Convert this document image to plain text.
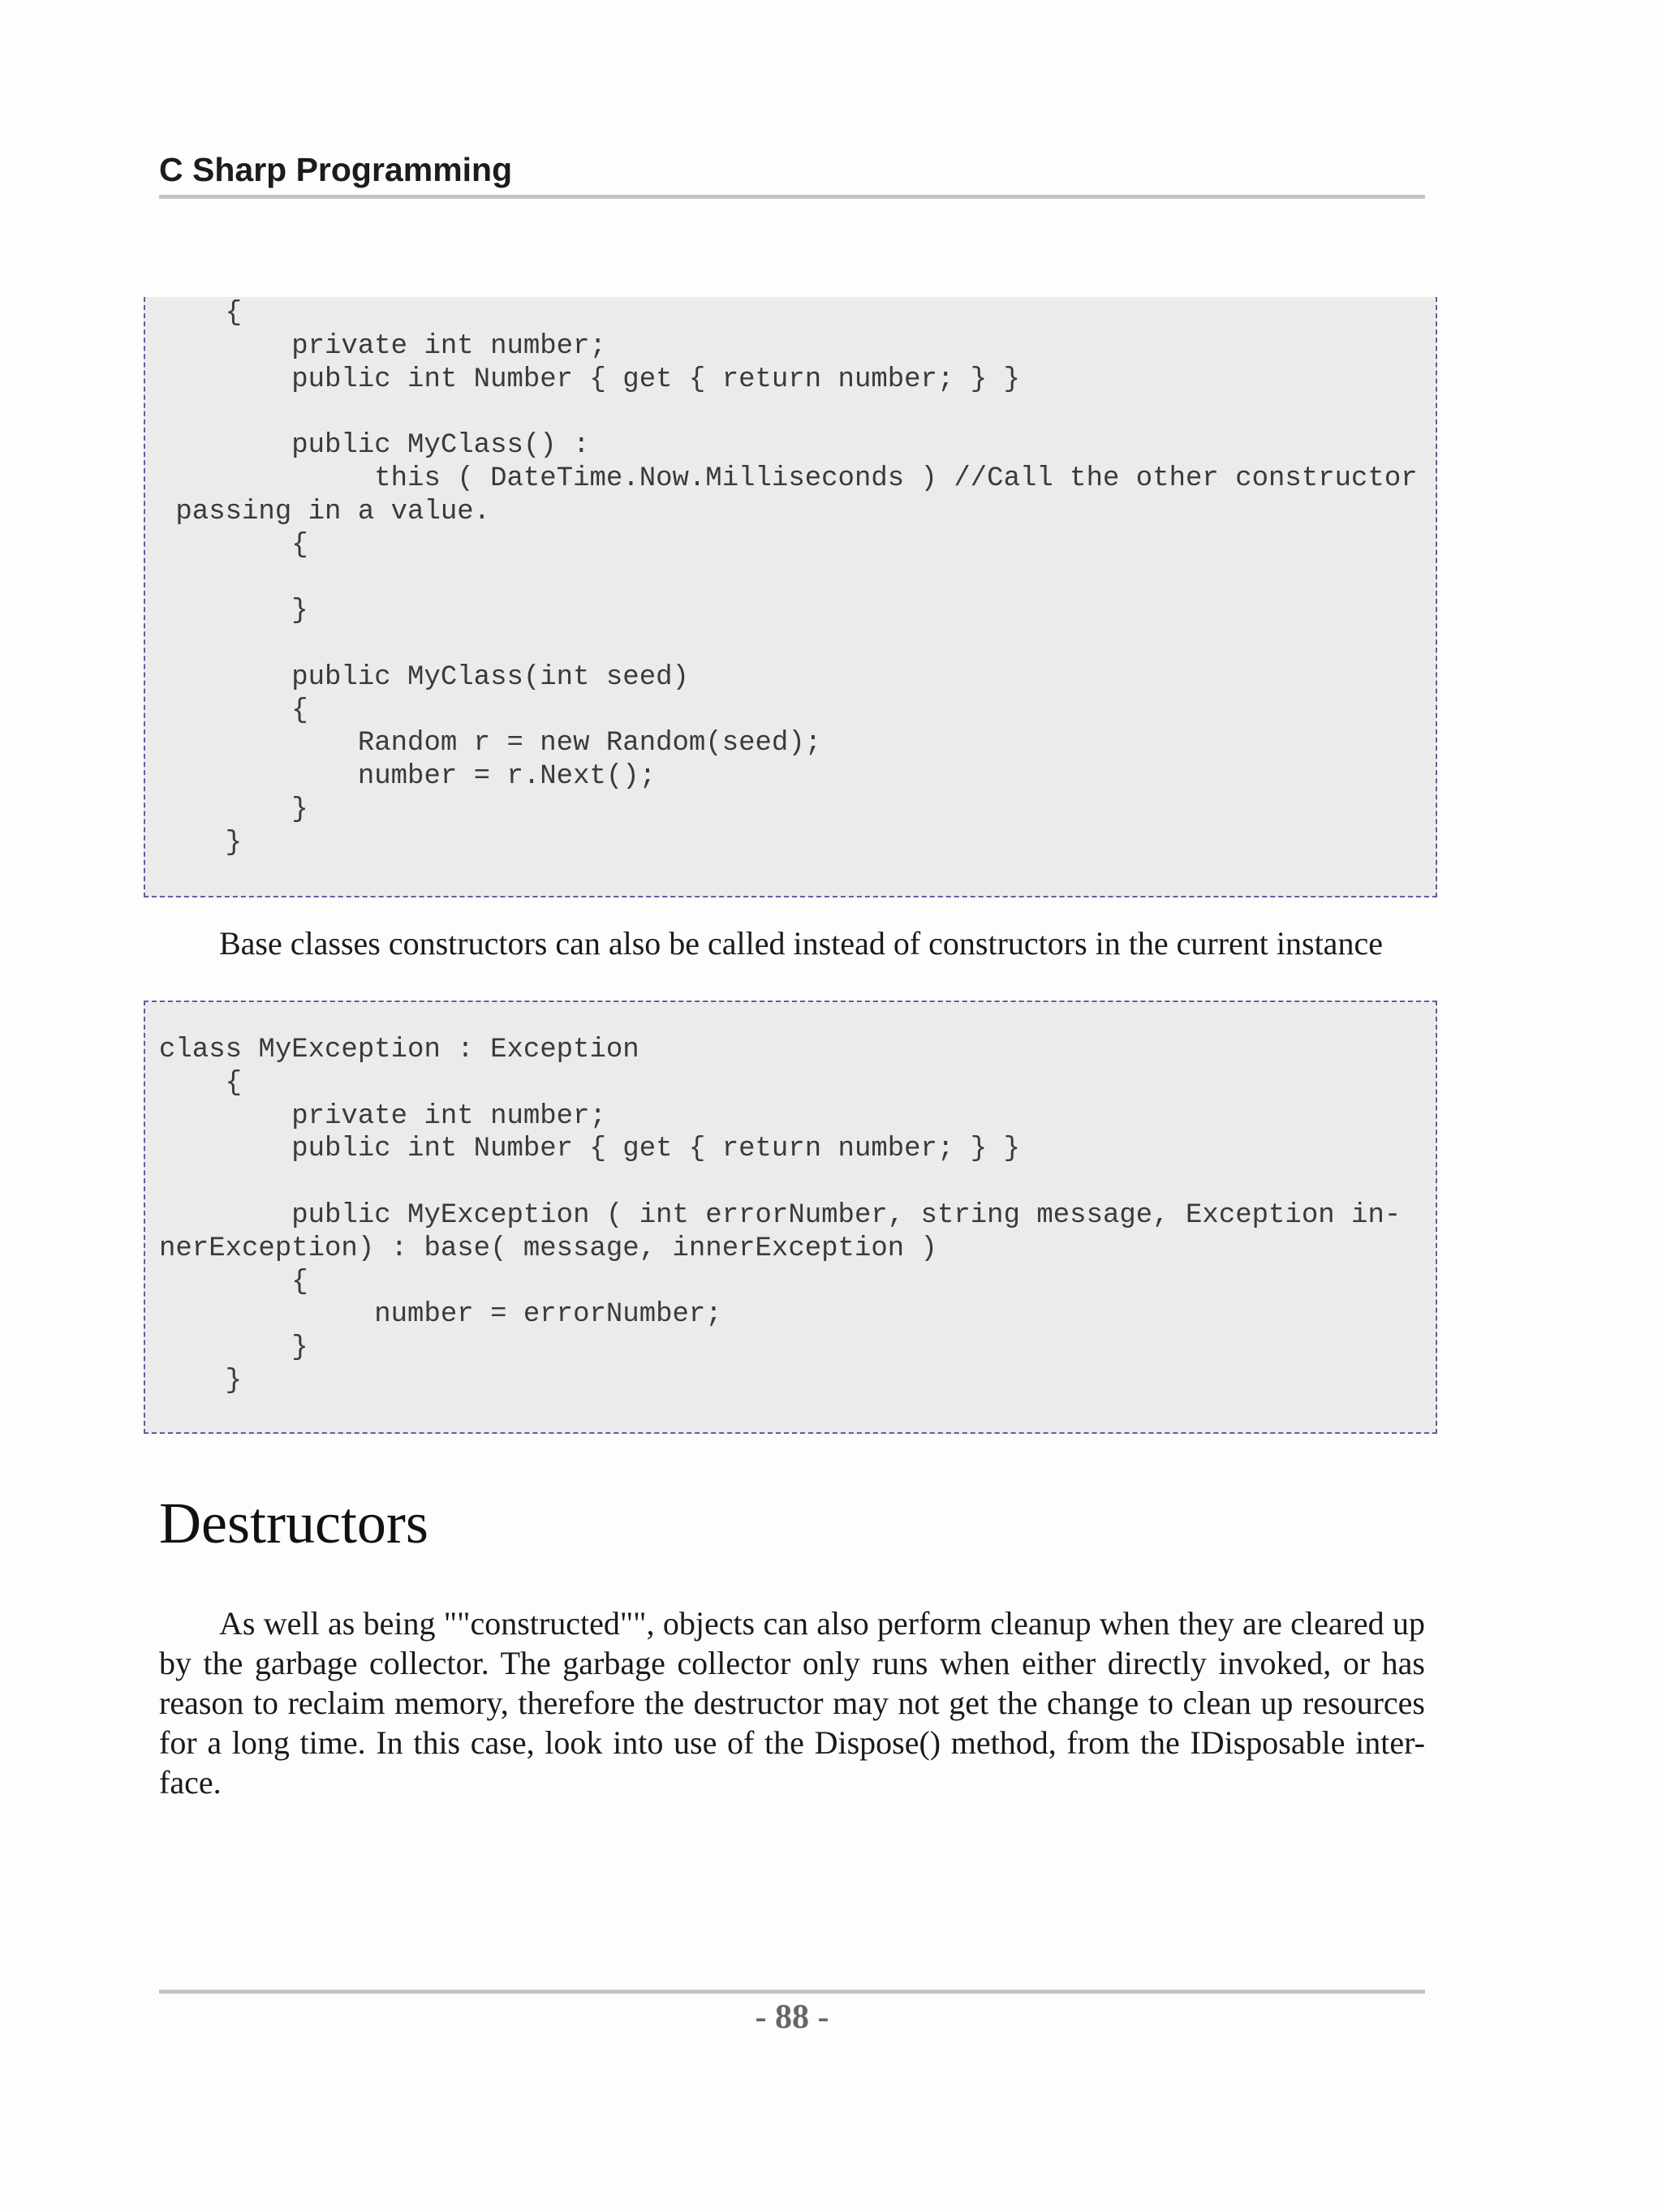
C Sharp Programming
{
private int number;
public int Number { get { return number; } }

public MyClass() :
this ( DateTime.Now.Milliseconds ) //Call the other constructor
passing in a value.
{

}

public MyClass(int seed)
{
Random r = new Random(seed);
number = r.Next();
}
}

Base classes constructors can also be called instead of constructors in the current instance

class MyException : Exception
{
private int number;
public int Number { get { return number; } }

public MyException ( int errorNumber, string message, Exception in-
nerException) : base( message, innerException )
{
number = errorNumber;
}
}
Destructors

As well as being ""constructed"", objects can also perform cleanup when they are cleared up by the garbage collector. The garbage collector only runs when either directly invoked, or has reason to reclaim memory, therefore the destructor may not get the change to clean up resources for a long time. In this case, look into use of the Dispose() method, from the IDisposable inter-face.

- 88 -
